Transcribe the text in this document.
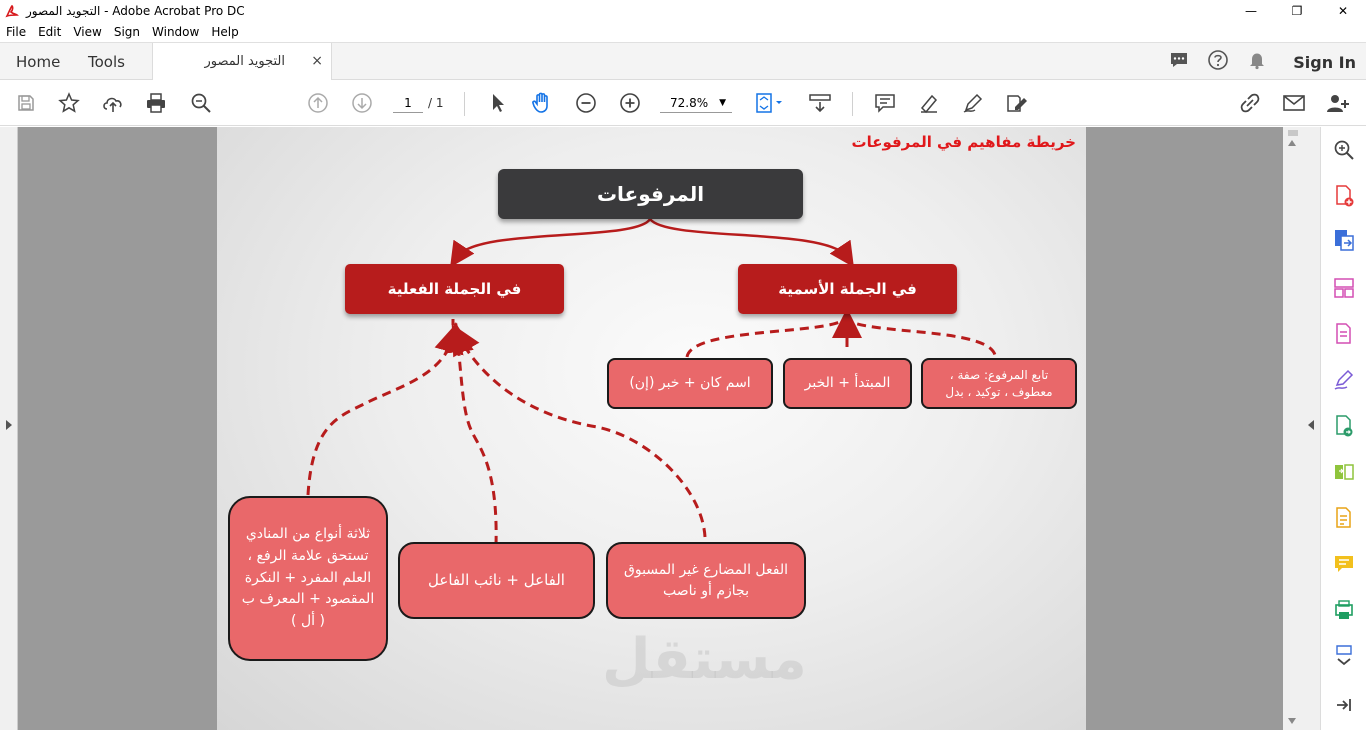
التجويد المصور - Adobe Acrobat Pro DC	—	❐	✕
File	Edit	View	Sign	Window	Help
Home Tools	التجويد المصور ×	Sign In
1	/ 1	72.8% ▼
خريطة مفاهيم في المرفوعات
مستقل
المرفوعات
في الجملة الفعلية	في الجملة الأسمية
اسم كان + خبر (إن)	المبتدأ + الخبر
تابع المرفوع: صفة ، معطوف ، توكيد ، بدل
ثلاثة أنواع من المنادي تستحق علامة الرفع ، العلم المفرد + النكرة المقصود + المعرف ب ( أل )
الفاعل + نائب الفاعل
الفعل المضارع غير المسبوق بجازم أو ناصب
